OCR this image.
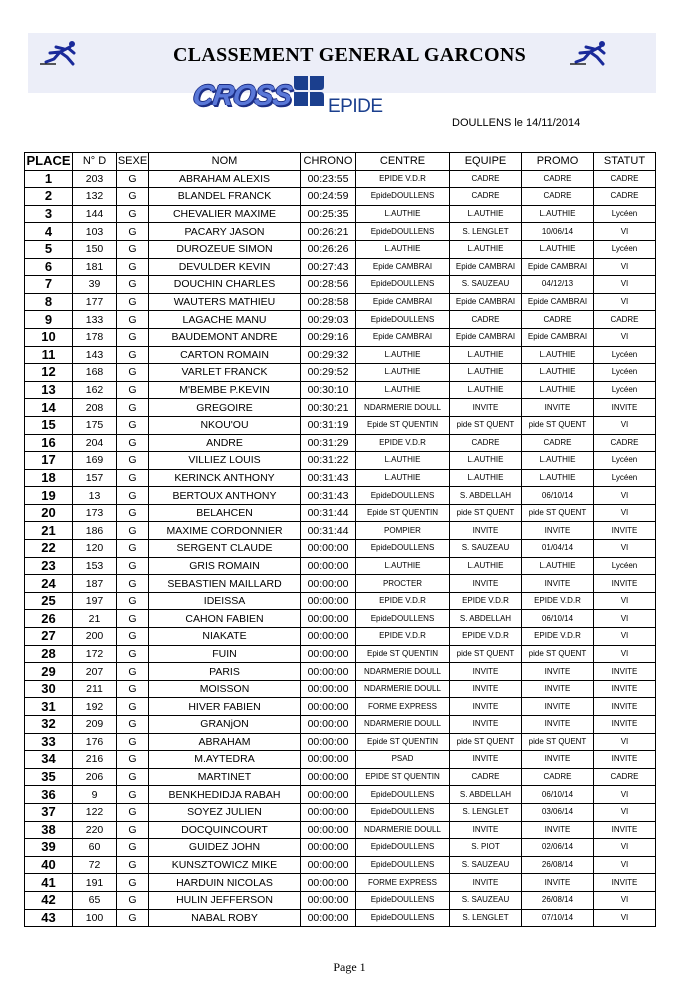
CLASSEMENT GENERAL GARCONS
CROSS EPIDE
DOULLENS le 14/11/2014
PLACE	N° D	SEXE	NOM	CHRONO	CENTRE	EQUIPE	PROMO	STATUT
1	203	G	ABRAHAM ALEXIS	00:23:55	EPIDE V.D.R	CADRE	CADRE	CADRE
2	132	G	BLANDEL FRANCK	00:24:59	EpideDOULLENS	CADRE	CADRE	CADRE
3	144	G	CHEVALIER MAXIME	00:25:35	L.AUTHIE	L.AUTHIE	L.AUTHIE	Lycéen
4	103	G	PACARY JASON	00:26:21	EpideDOULLENS	S. LENGLET	10/06/14	VI
5	150	G	DUROZEUE SIMON	00:26:26	L.AUTHIE	L.AUTHIE	L.AUTHIE	Lycéen
6	181	G	DEVULDER KEVIN	00:27:43	Epide CAMBRAI	Epide CAMBRAI	Epide CAMBRAI	VI
7	39	G	DOUCHIN CHARLES	00:28:56	EpideDOULLENS	S. SAUZEAU	04/12/13	VI
8	177	G	WAUTERS MATHIEU	00:28:58	Epide CAMBRAI	Epide CAMBRAI	Epide CAMBRAI	VI
9	133	G	LAGACHE MANU	00:29:03	EpideDOULLENS	CADRE	CADRE	CADRE
10	178	G	BAUDEMONT ANDRE	00:29:16	Epide CAMBRAI	Epide CAMBRAI	Epide CAMBRAI	VI
11	143	G	CARTON ROMAIN	00:29:32	L.AUTHIE	L.AUTHIE	L.AUTHIE	Lycéen
12	168	G	VARLET FRANCK	00:29:52	L.AUTHIE	L.AUTHIE	L.AUTHIE	Lycéen
13	162	G	M'BEMBE P.KEVIN	00:30:10	L.AUTHIE	L.AUTHIE	L.AUTHIE	Lycéen
14	208	G	GREGOIRE	00:30:21	NDARMERIE DOULL	INVITE	INVITE	INVITE
15	175	G	NKOU'OU	00:31:19	Epide ST QUENTIN	pide ST QUENT	pide ST QUENT	VI
16	204	G	ANDRE	00:31:29	EPIDE V.D.R	CADRE	CADRE	CADRE
17	169	G	VILLIEZ LOUIS	00:31:22	L.AUTHIE	L.AUTHIE	L.AUTHIE	Lycéen
18	157	G	KERINCK ANTHONY	00:31:43	L.AUTHIE	L.AUTHIE	L.AUTHIE	Lycéen
19	13	G	BERTOUX ANTHONY	00:31:43	EpideDOULLENS	S. ABDELLAH	06/10/14	VI
20	173	G	BELAHCEN	00:31:44	Epide ST QUENTIN	pide ST QUENT	pide ST QUENT	VI
21	186	G	MAXIME CORDONNIER	00:31:44	POMPIER	INVITE	INVITE	INVITE
22	120	G	SERGENT CLAUDE	00:00:00	EpideDOULLENS	S. SAUZEAU	01/04/14	VI
23	153	G	GRIS ROMAIN	00:00:00	L.AUTHIE	L.AUTHIE	L.AUTHIE	Lycéen
24	187	G	SEBASTIEN MAILLARD	00:00:00	PROCTER	INVITE	INVITE	INVITE
25	197	G	IDEISSA	00:00:00	EPIDE V.D.R	EPIDE V.D.R	EPIDE V.D.R	VI
26	21	G	CAHON FABIEN	00:00:00	EpideDOULLENS	S. ABDELLAH	06/10/14	VI
27	200	G	NIAKATE	00:00:00	EPIDE V.D.R	EPIDE V.D.R	EPIDE V.D.R	VI
28	172	G	FUIN	00:00:00	Epide ST QUENTIN	pide ST QUENT	pide ST QUENT	VI
29	207	G	PARIS	00:00:00	NDARMERIE DOULL	INVITE	INVITE	INVITE
30	211	G	MOISSON	00:00:00	NDARMERIE DOULL	INVITE	INVITE	INVITE
31	192	G	HIVER FABIEN	00:00:00	FORME EXPRESS	INVITE	INVITE	INVITE
32	209	G	GRANjON	00:00:00	NDARMERIE DOULL	INVITE	INVITE	INVITE
33	176	G	ABRAHAM	00:00:00	Epide ST QUENTIN	pide ST QUENT	pide ST QUENT	VI
34	216	G	M.AYTEDRA	00:00:00	PSAD	INVITE	INVITE	INVITE
35	206	G	MARTINET	00:00:00	EPIDE ST QUENTIN	CADRE	CADRE	CADRE
36	9	G	BENKHEDIDJA RABAH	00:00:00	EpideDOULLENS	S. ABDELLAH	06/10/14	VI
37	122	G	SOYEZ JULIEN	00:00:00	EpideDOULLENS	S. LENGLET	03/06/14	VI
38	220	G	DOCQUINCOURT	00:00:00	NDARMERIE DOULL	INVITE	INVITE	INVITE
39	60	G	GUIDEZ JOHN	00:00:00	EpideDOULLENS	S. PIOT	02/06/14	VI
40	72	G	KUNSZTOWICZ MIKE	00:00:00	EpideDOULLENS	S. SAUZEAU	26/08/14	VI
41	191	G	HARDUIN NICOLAS	00:00:00	FORME EXPRESS	INVITE	INVITE	INVITE
42	65	G	HULIN JEFFERSON	00:00:00	EpideDOULLENS	S. SAUZEAU	26/08/14	VI
43	100	G	NABAL ROBY	00:00:00	EpideDOULLENS	S. LENGLET	07/10/14	VI
Page 1
